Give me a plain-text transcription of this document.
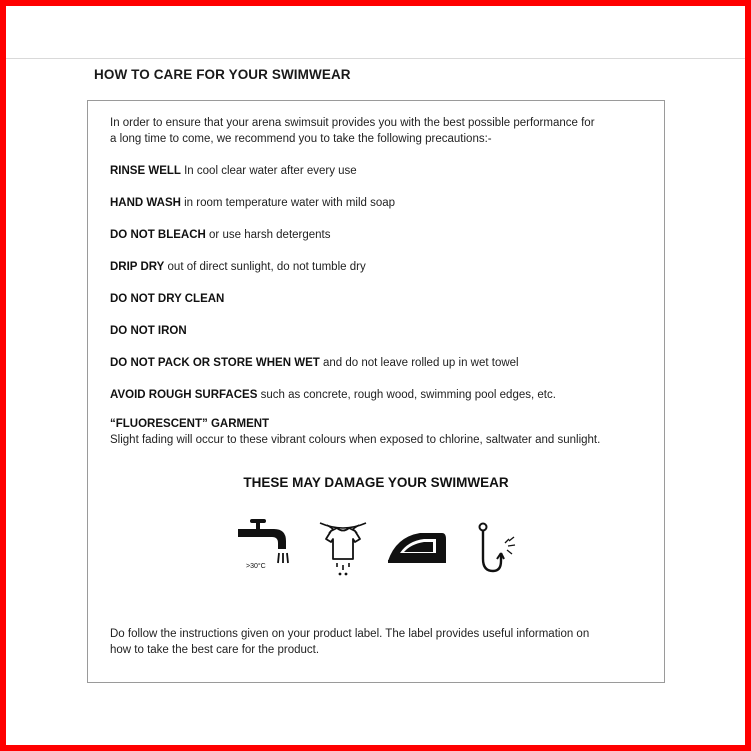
HOW TO CARE FOR YOUR SWIMWEAR
In order to ensure that your arena swimsuit provides you with the best possible performance for
a long time to come, we recommend you to take the following precautions:-
RINSE WELL In cool clear water after every use
HAND WASH in room temperature water with mild soap
DO NOT BLEACH or use harsh detergents
DRIP DRY out of direct sunlight, do not tumble dry
DO NOT DRY CLEAN
DO NOT IRON
DO NOT PACK OR STORE WHEN WET and do not leave rolled up in wet towel
AVOID ROUGH SURFACES such as concrete, rough wood, swimming pool edges, etc.
“FLUORESCENT” GARMENT
Slight fading will occur to these vibrant colours when exposed to chlorine, saltwater and sunlight.
THESE MAY DAMAGE YOUR SWIMWEAR
>30°C
Do follow the instructions given on your product label. The label provides useful information on
how to take the best care for the product.
